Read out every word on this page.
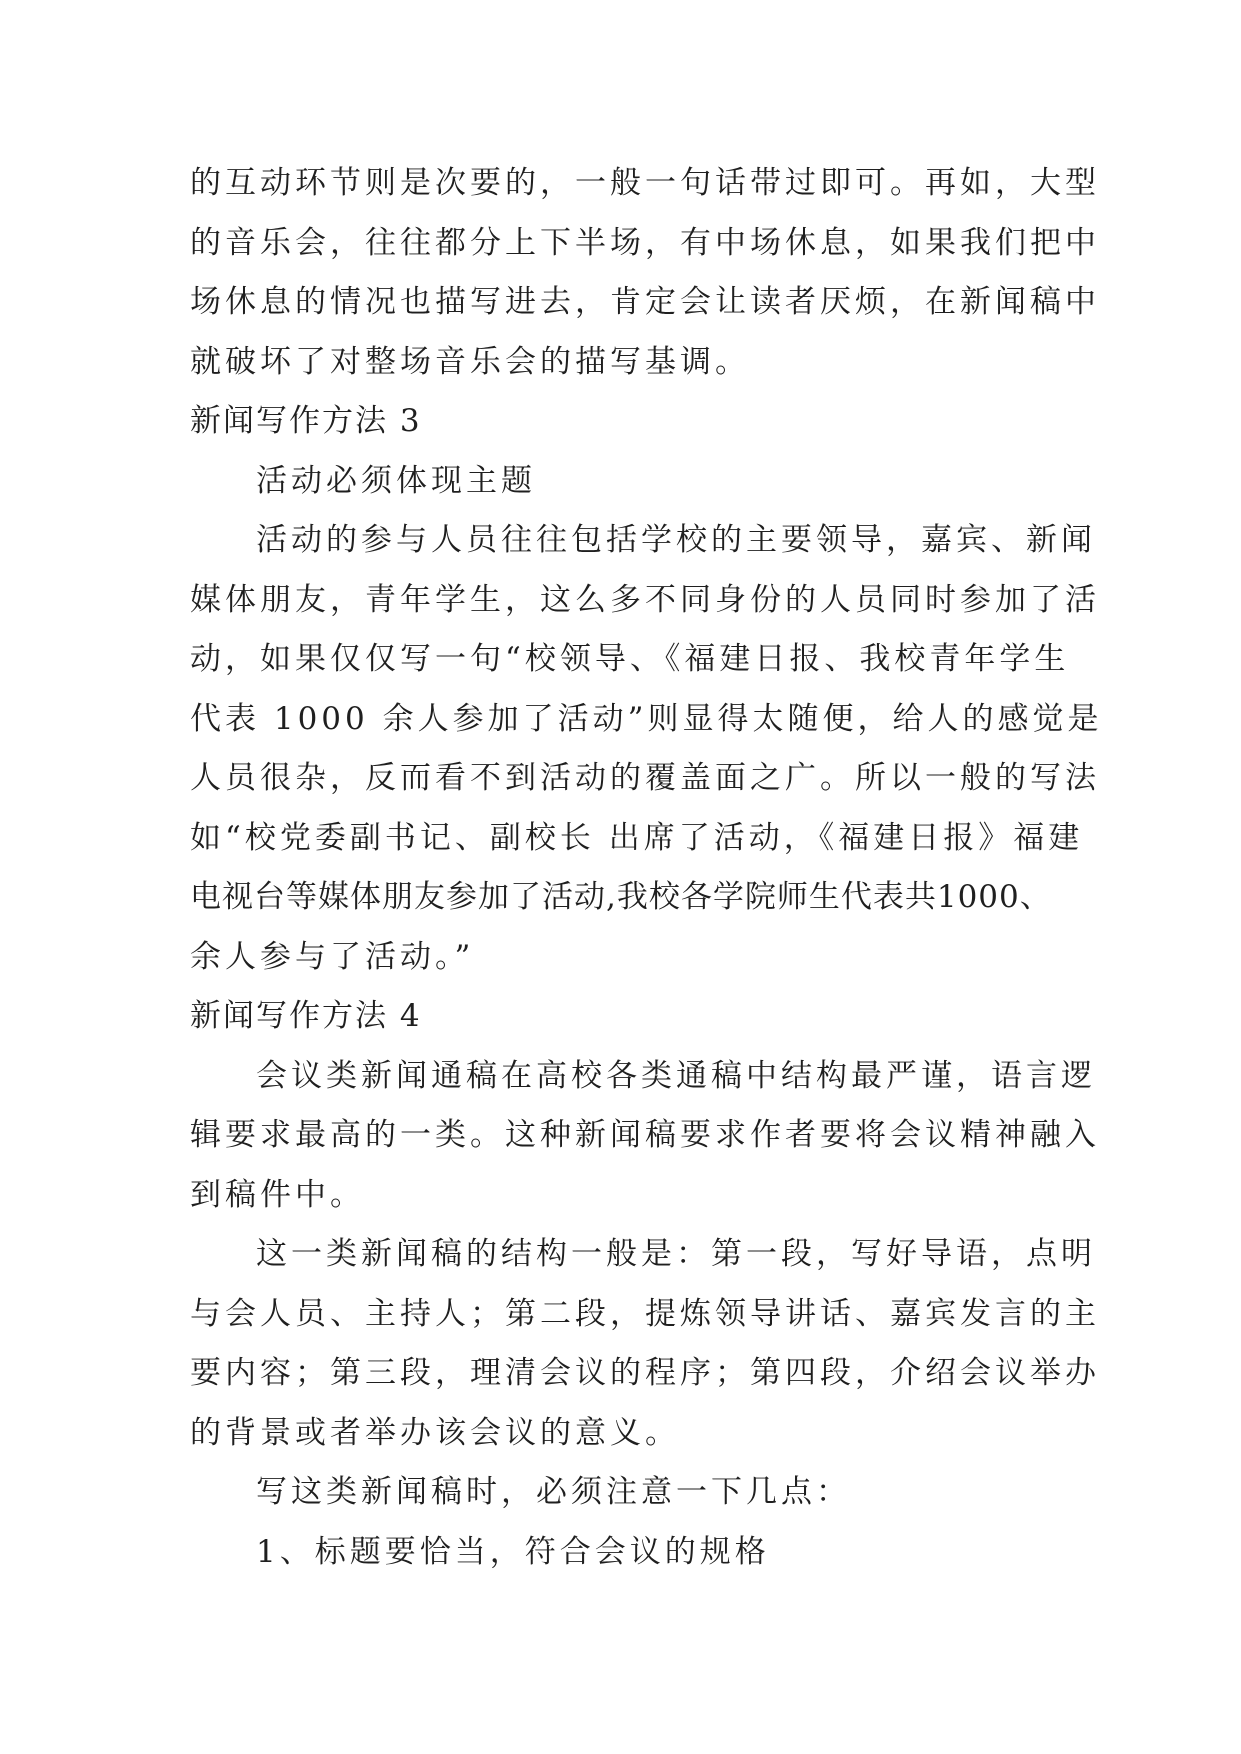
的互动环节则是次要的，一般一句话带过即可。再如，大型
的音乐会，往往都分上下半场，有中场休息，如果我们把中
场休息的情况也描写进去，肯定会让读者厌烦，在新闻稿中
就破坏了对整场音乐会的描写基调。
新闻写作方法 3
活动必须体现主题
活动的参与人员往往包括学校的主要领导，嘉宾、新闻
媒体朋友，青年学生，这么多不同身份的人员同时参加了活
动，如果仅仅写一句“校领导、《福建日报、我校青年学生
代表 1000 余人参加了活动”则显得太随便，给人的感觉是
人员很杂，反而看不到活动的覆盖面之广。所以一般的写法
如“校党委副书记、副校长 出席了活动，《福建日报》福建
电视台等媒体朋友参加了活动,我校各学院师生代表共1000、
余人参与了活动。”
新闻写作方法 4
会议类新闻通稿在高校各类通稿中结构最严谨，语言逻
辑要求最高的一类。这种新闻稿要求作者要将会议精神融入
到稿件中。
这一类新闻稿的结构一般是：第一段，写好导语，点明
与会人员、主持人；第二段，提炼领导讲话、嘉宾发言的主
要内容；第三段，理清会议的程序；第四段，介绍会议举办
的背景或者举办该会议的意义。
写这类新闻稿时，必须注意一下几点：
1、标题要恰当，符合会议的规格
